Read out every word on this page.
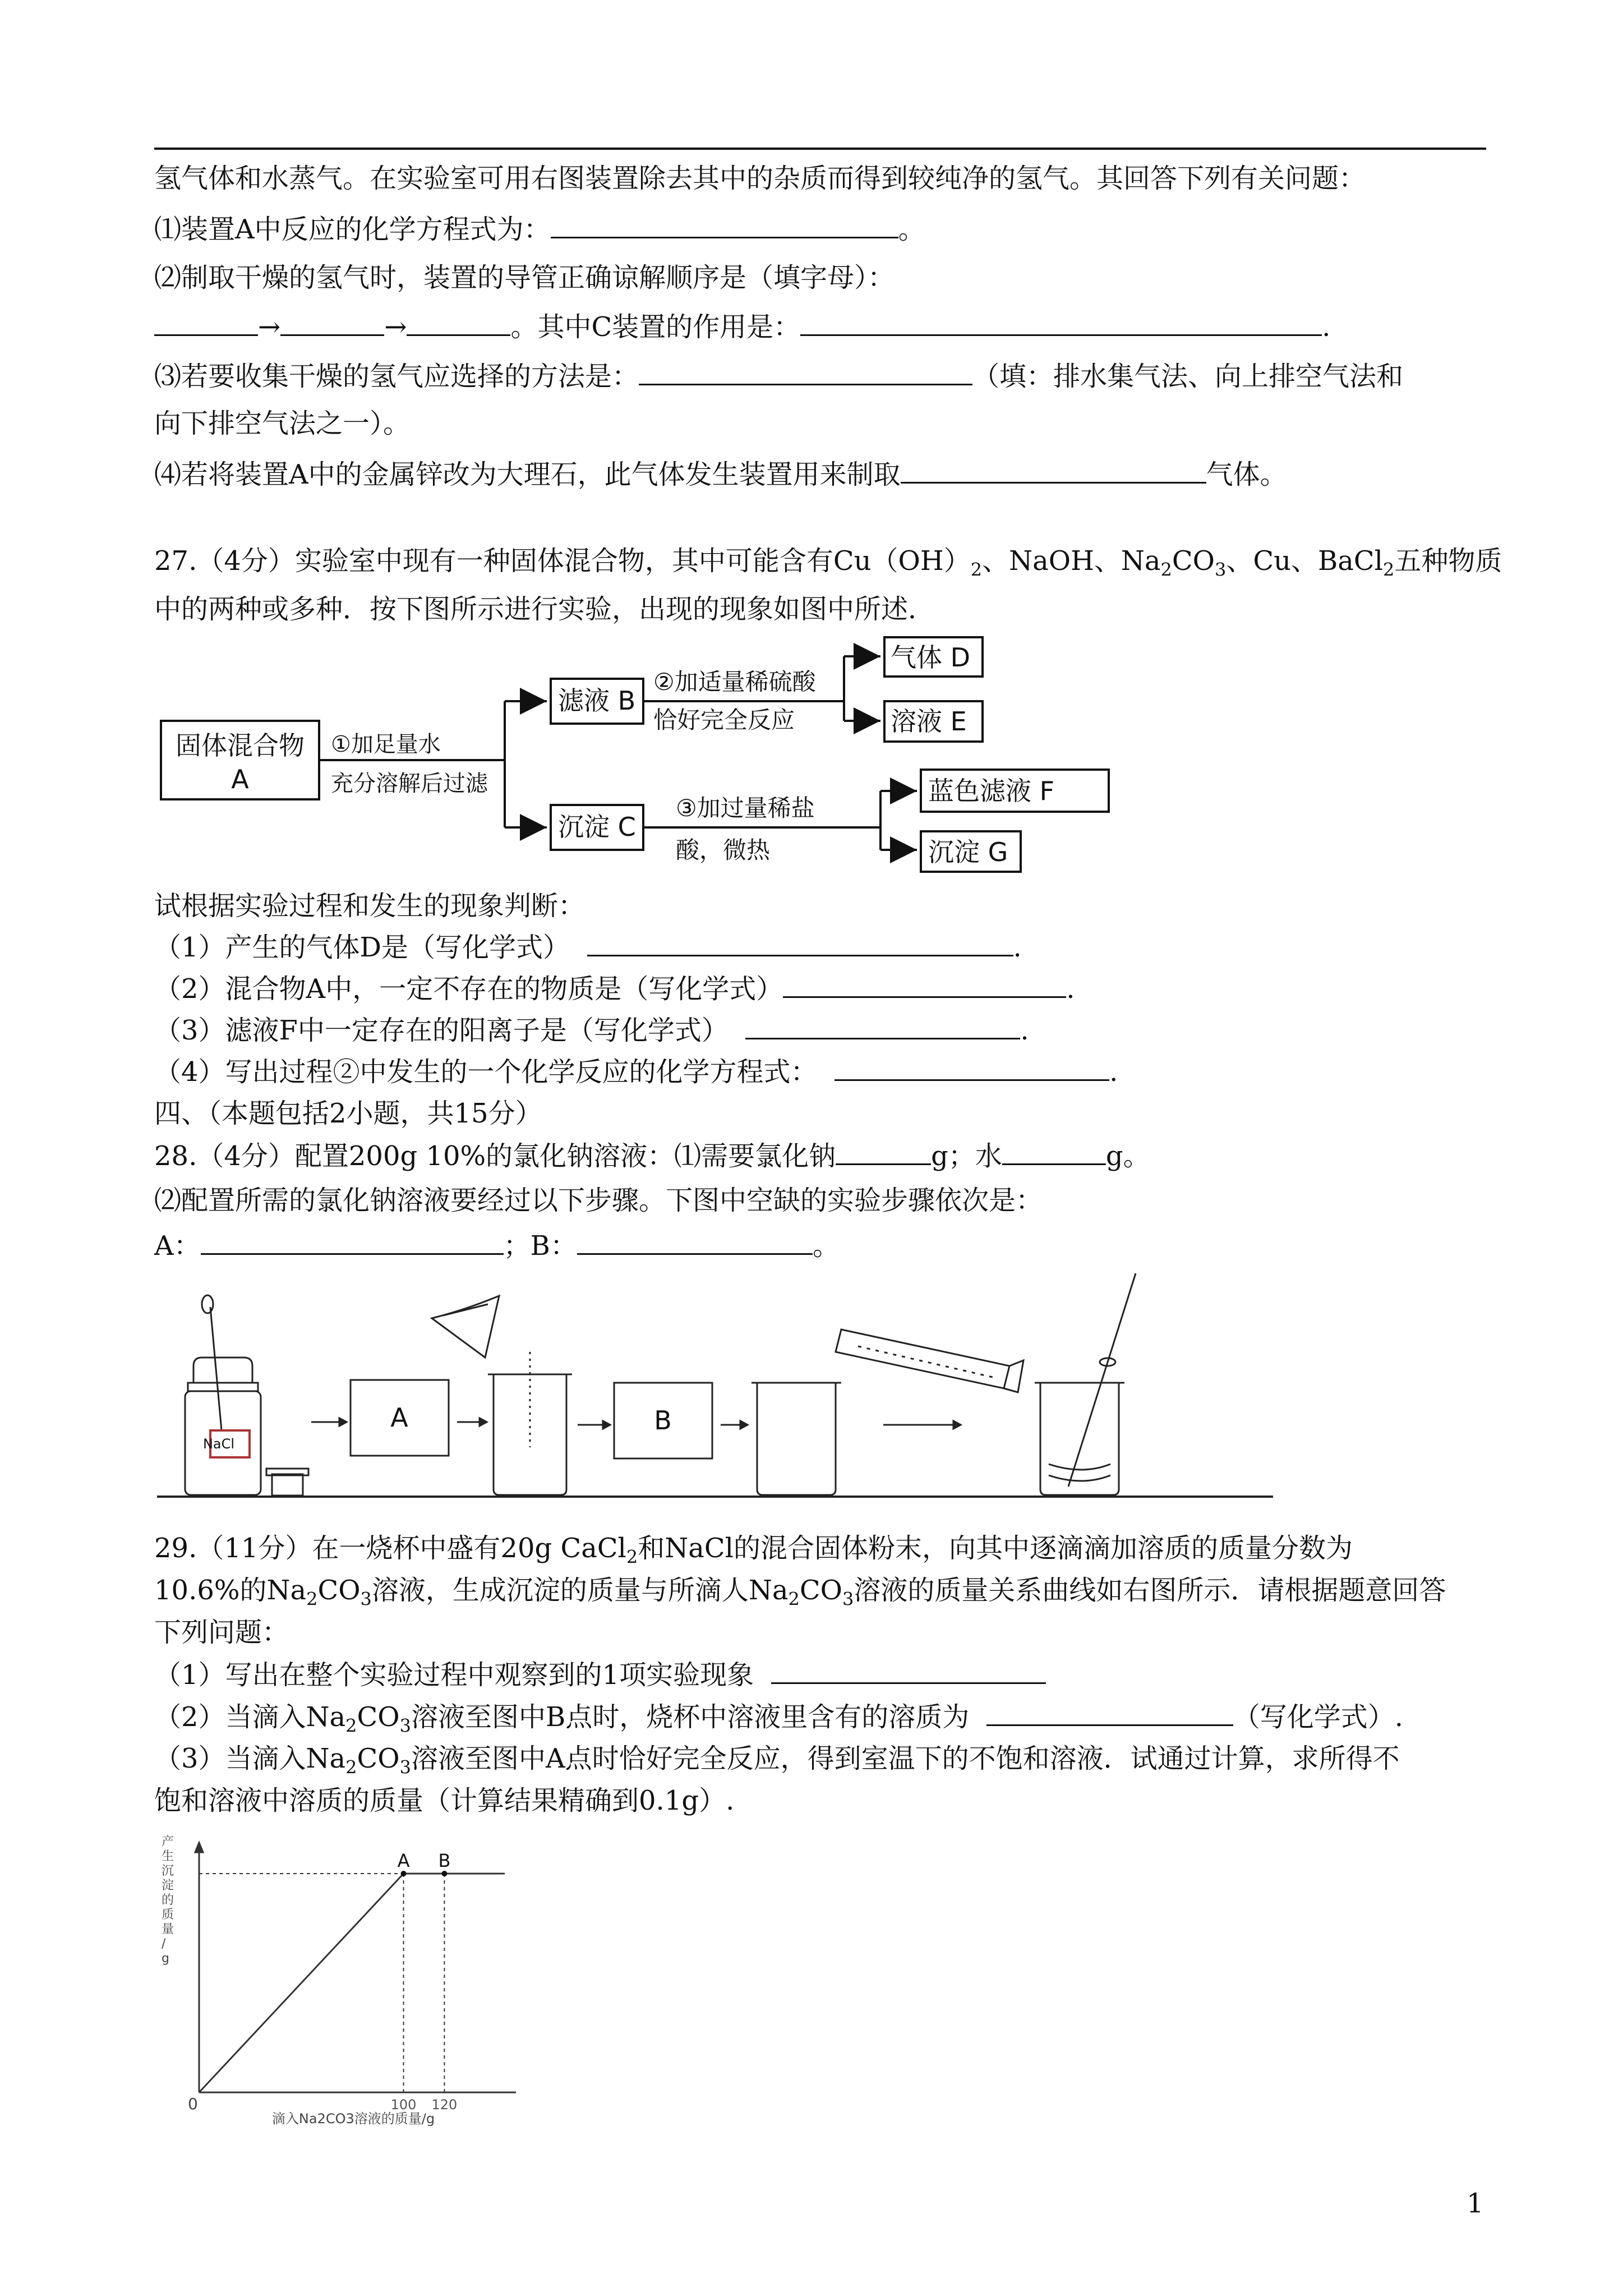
氢气体和水蒸气。在实验室可用右图装置除去其中的杂质而得到较纯净的氢气。其回答下列有关问题：
⑴装置A中反应的化学方程式为：	。
⑵制取干燥的氢气时，装置的导管正确谅解顺序是（填字母）：
→	→	。其中C装置的作用是：	.
⑶若要收集干燥的氢气应选择的方法是：	（填：排水集气法、向上排空气法和
向下排空气法之一）。
⑷若将装置A中的金属锌改为大理石，此气体发生装置用来制取	气体。
27.（4分）实验室中现有一种固体混合物，其中可能含有$Cu(OH)_2$、NaOH、$Na_2CO_3$、Cu、BaCl$_2$五种物质
中的两种或多种．按下图所示进行实验，出现的现象如图中所述．
固体混合物
A
①加足量水
充分溶解后过滤
滤液 B
沉淀 C
②加适量稀硫酸
恰好完全反应
③加过量稀盐
酸，微热
气体 D
溶液 E
蓝色滤液 F
沉淀 G
试根据实验过程和发生的现象判断：
（1）产生的气体D是（写化学式）	.
（2）混合物A中，一定不存在的物质是（写化学式）	.
（3）滤液F中一定存在的阳离子是（写化学式）	.
（4）写出过程②中发生的一个化学反应的化学方程式：	.
四、（本题包括2小题，共15分）
28.（4分）配置200g 10%的氯化钠溶液：⑴需要氯化钠	g；水	g。
⑵配置所需的氯化钠溶液要经过以下步骤。下图中空缺的实验步骤依次是：
A：	；B：	。
NaCl
A	B
29.（11分）在一烧杯中盛有20g CaCl$_2$和NaCl的混合固体粉末，向其中逐滴滴加溶质的质量分数为
10.6%的$Na_2CO_3$溶液，生成沉淀的质量与所滴人$Na_2CO_3$溶液的质量关系曲线如右图所示．请根据题意回答
下列问题：
（1）写出在整个实验过程中观察到的1项实验现象
（2）当滴入$Na_2CO_3$溶液至图中B点时，烧杯中溶液里含有的溶质为	（写化学式）.
（3）当滴入$Na_2CO_3$溶液至图中A点时恰好完全反应，得到室温下的不饱和溶液．试通过计算，求所得不
饱和溶液中溶质的质量（计算结果精确到0.1g）.
A B
100 120
产生沉淀的质量/ g
0
滴入Na2CO3溶液的质量/g
1
